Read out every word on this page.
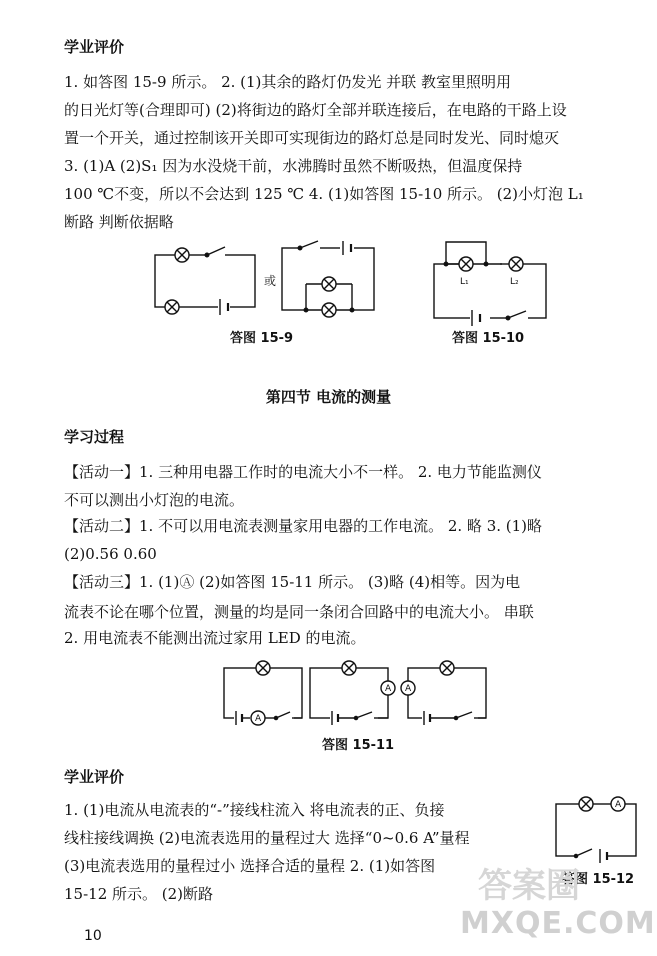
学业评价
1. 如答图 15-9 所示。 2. (1)其余的路灯仍发光 并联 教室里照明用
的日光灯等(合理即可) (2)将街边的路灯全部并联连接后，在电路的干路上设
置一个开关，通过控制该开关即可实现街边的路灯总是同时发光、同时熄灭
3. (1)A (2)S₁ 因为水没烧干前，水沸腾时虽然不断吸热，但温度保持
100 ℃不变，所以不会达到 125 ℃ 4. (1)如答图 15-10 所示。 (2)小灯泡 L₁
断路 判断依据略
或	L₁	L₂
答图 15-9	答图 15-10
第四节 电流的测量
学习过程
【活动一】1. 三种用电器工作时的电流大小不一样。 2. 电力节能监测仪
不可以测出小灯泡的电流。
【活动二】1. 不可以用电流表测量家用电器的工作电流。 2. 略 3. (1)略
(2)0.56 0.60
【活动三】1. (1)Ⓐ (2)如答图 15-11 所示。 (3)略 (4)相等。因为电
流表不论在哪个位置，测量的均是同一条闭合回路中的电流大小。 串联
2. 用电流表不能测出流过家用 LED 的电流。
A
A A
答图 15-11
学业评价
1. (1)电流从电流表的“-”接线柱流入 将电流表的正、负接
线柱接线调换 (2)电流表选用的量程过大 选择“0~0.6 A”量程
(3)电流表选用的量程过小 选择合适的量程 2. (1)如答图
15-12 所示。 (2)断路
A
答图 15-12
10
答案圈
MXQE.COM
